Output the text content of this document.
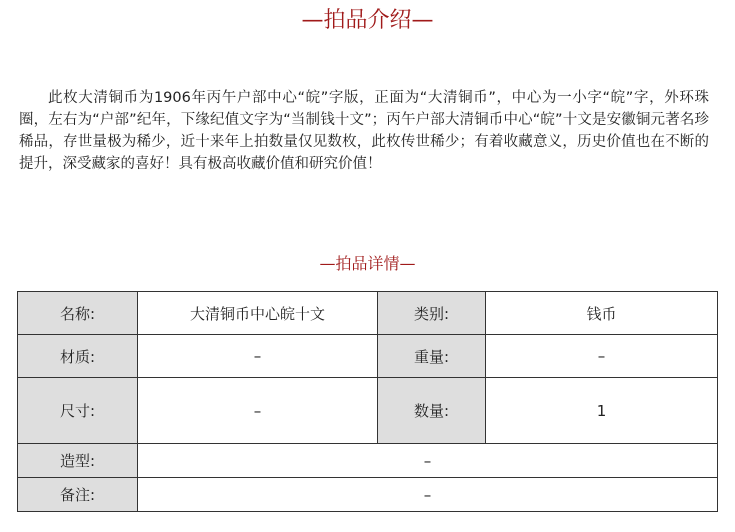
—拍品介绍—

此枚大清铜币为1906年丙午户部中心“皖”字版，正面为“大清铜币”，中心为一小字“皖”字，外环珠圈，左右为“户部”纪年，下缘纪值文字为“当制钱十文”；丙午户部大清铜币中心“皖”十文是安徽铜元著名珍稀品，存世量极为稀少，近十来年上拍数量仅见数枚，此枚传世稀少；有着收藏意义，历史价值也在不断的提升，深受藏家的喜好！具有极高收藏价值和研究价值！

—拍品详情—
名称:	大清铜币中心皖十文	类别:	钱币
材质:	–	重量:	–
尺寸:	–	数量:	1
造型:	–		
备注:	–		
